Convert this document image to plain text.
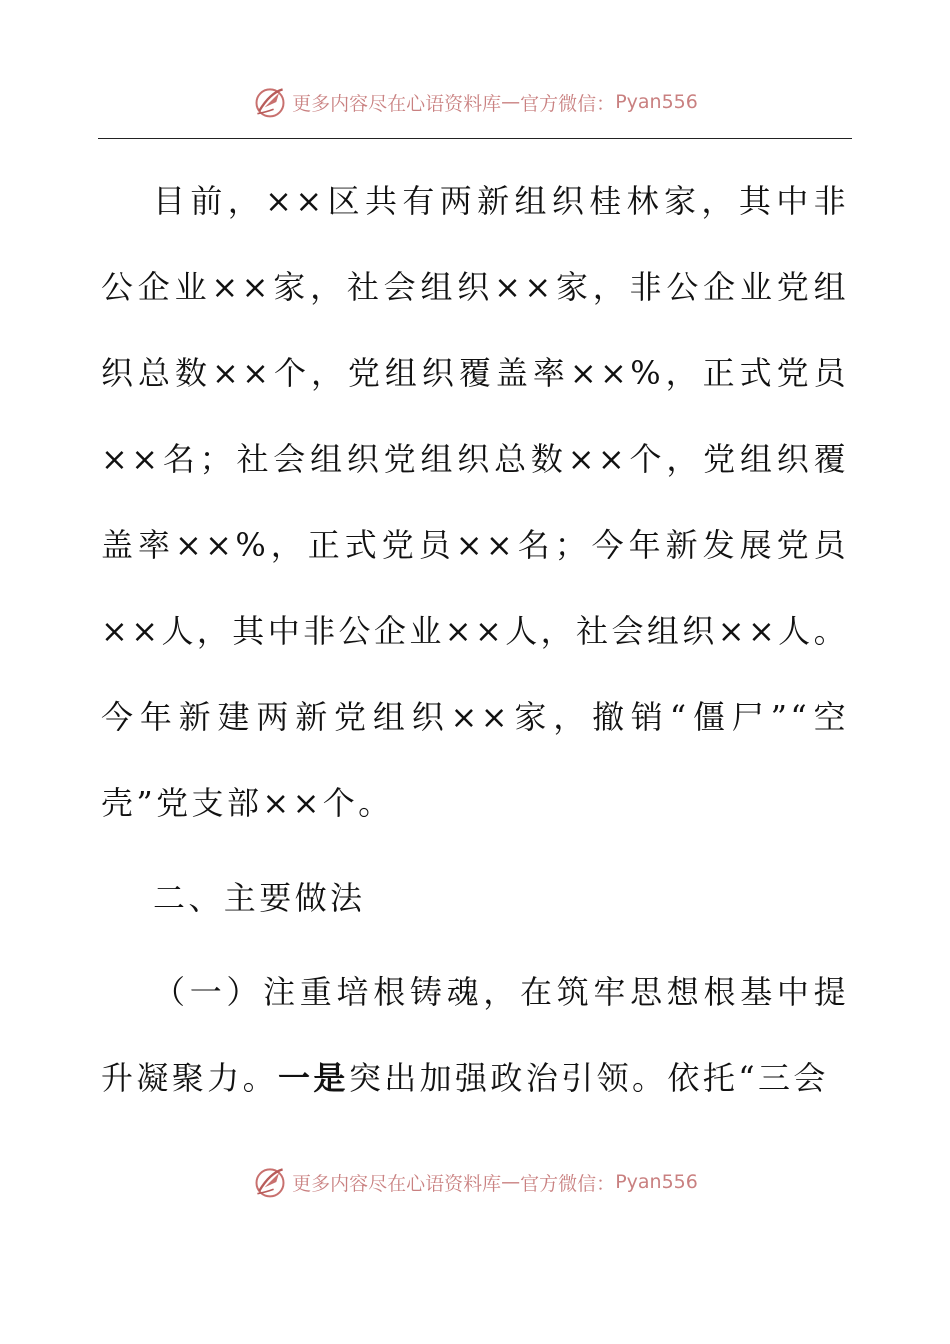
更多内容尽在心语资料库 — 官方微信： Pyan556

目前，××区共有两新组织桂林家，其中非公企业××家，社会组织××家，非公企业党组织总数××个，党组织覆盖率××%，正式党员××名；社会组织党组织总数××个，党组织覆盖率××%，正式党员××名；今年新发展党员××人，其中非公企业××人，社会组织××人。今年新建两新党组织××家，撤销“僵尸”“空壳”党支部××个。

二、主要做法

（一）注重培根铸魂，在筑牢思想根基中提升凝聚力。一是突出加强政治引领。依托“三会

更多内容尽在心语资料库 — 官方微信： Pyan556
